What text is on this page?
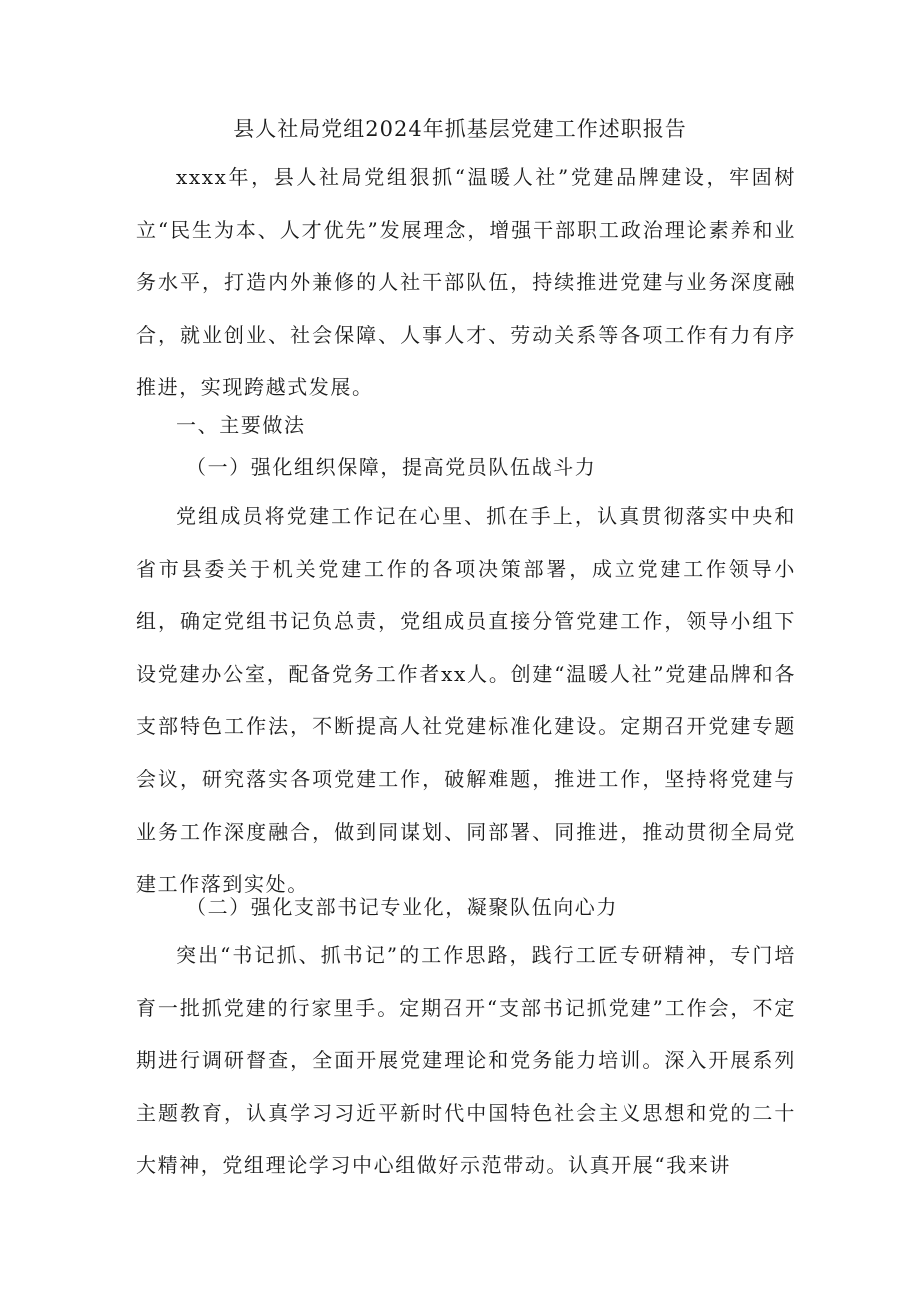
县人社局党组2024年抓基层党建工作述职报告

xxxx年，县人社局党组狠抓“温暖人社”党建品牌建设，牢固树立“民生为本、人才优先”发展理念，增强干部职工政治理论素养和业务水平，打造内外兼修的人社干部队伍，持续推进党建与业务深度融合，就业创业、社会保障、人事人才、劳动关系等各项工作有力有序推进，实现跨越式发展。

一、主要做法
（一）强化组织保障，提高党员队伍战斗力

党组成员将党建工作记在心里、抓在手上，认真贯彻落实中央和省市县委关于机关党建工作的各项决策部署，成立党建工作领导小组，确定党组书记负总责，党组成员直接分管党建工作，领导小组下设党建办公室，配备党务工作者xx人。创建“温暖人社”党建品牌和各支部特色工作法，不断提高人社党建标准化建设。定期召开党建专题会议，研究落实各项党建工作，破解难题，推进工作，坚持将党建与业务工作深度融合，做到同谋划、同部署、同推进，推动贯彻全局党建工作落到实处。

（二）强化支部书记专业化，凝聚队伍向心力

突出“书记抓、抓书记”的工作思路，践行工匠专研精神，专门培育一批抓党建的行家里手。定期召开“支部书记抓党建”工作会，不定期进行调研督查，全面开展党建理论和党务能力培训。深入开展系列主题教育，认真学习习近平新时代中国特色社会主义思想和党的二十大精神，党组理论学习中心组做好示范带动。认真开展“我来讲
